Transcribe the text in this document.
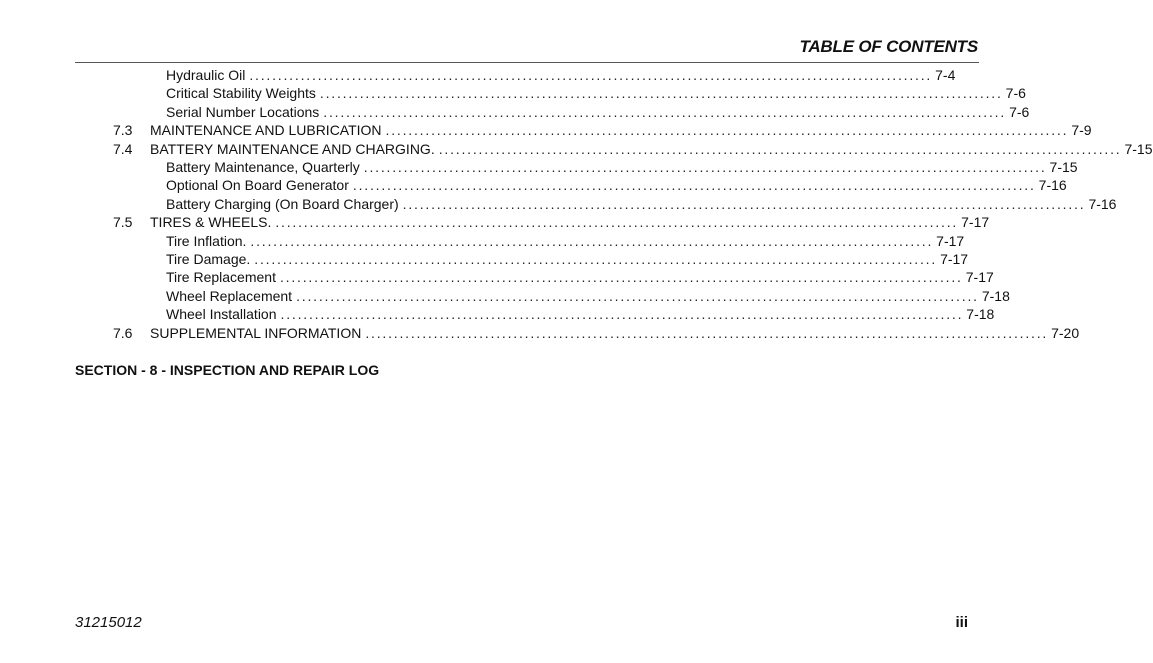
TABLE OF CONTENTS
Hydraulic Oil ........................................................................................................................ 7-4
Critical Stability Weights ........................................................................................................................ 7-6
Serial Number Locations ........................................................................................................................ 7-6
7.3 MAINTENANCE AND LUBRICATION ........................................................................................................................ 7-9
7.4 BATTERY MAINTENANCE AND CHARGING. ........................................................................................................................ 7-15
Battery Maintenance, Quarterly ........................................................................................................................ 7-15
Optional On Board Generator ........................................................................................................................ 7-16
Battery Charging (On Board Charger) ........................................................................................................................ 7-16
7.5 TIRES & WHEELS. ........................................................................................................................ 7-17
Tire Inflation. ........................................................................................................................ 7-17
Tire Damage. ........................................................................................................................ 7-17
Tire Replacement ........................................................................................................................ 7-17
Wheel Replacement ........................................................................................................................ 7-18
Wheel Installation ........................................................................................................................ 7-18
7.6 SUPPLEMENTAL INFORMATION ........................................................................................................................ 7-20
SECTION - 8 - INSPECTION AND REPAIR LOG
31215012	iii
